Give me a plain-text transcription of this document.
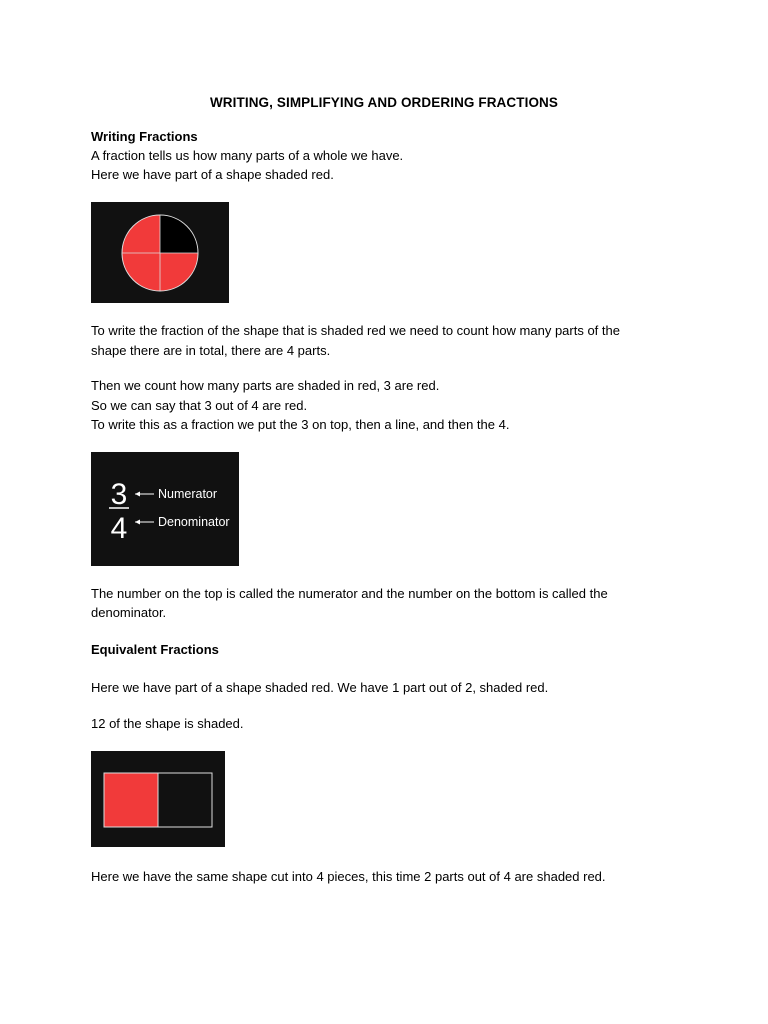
WRITING, SIMPLIFYING AND ORDERING FRACTIONS
Writing Fractions
A fraction tells us how many parts of a whole we have.
Here we have part of a shape shaded red.
To write the fraction of the shape that is shaded red we need to count how many parts of the
shape there are in total, there are 4 parts.
Then we count how many parts are shaded in red, 3 are red.
So we can say that 3 out of 4 are red.
To write this as a fraction we put the 3 on top, then a line, and then the 4.
3
4
Numerator
Denominator
The number on the top is called the numerator and the number on the bottom is called the
denominator.
Equivalent Fractions
Here we have part of a shape shaded red. We have 1 part out of 2, shaded red.
12 of the shape is shaded.
Here we have the same shape cut into 4 pieces, this time 2 parts out of 4 are shaded red.
